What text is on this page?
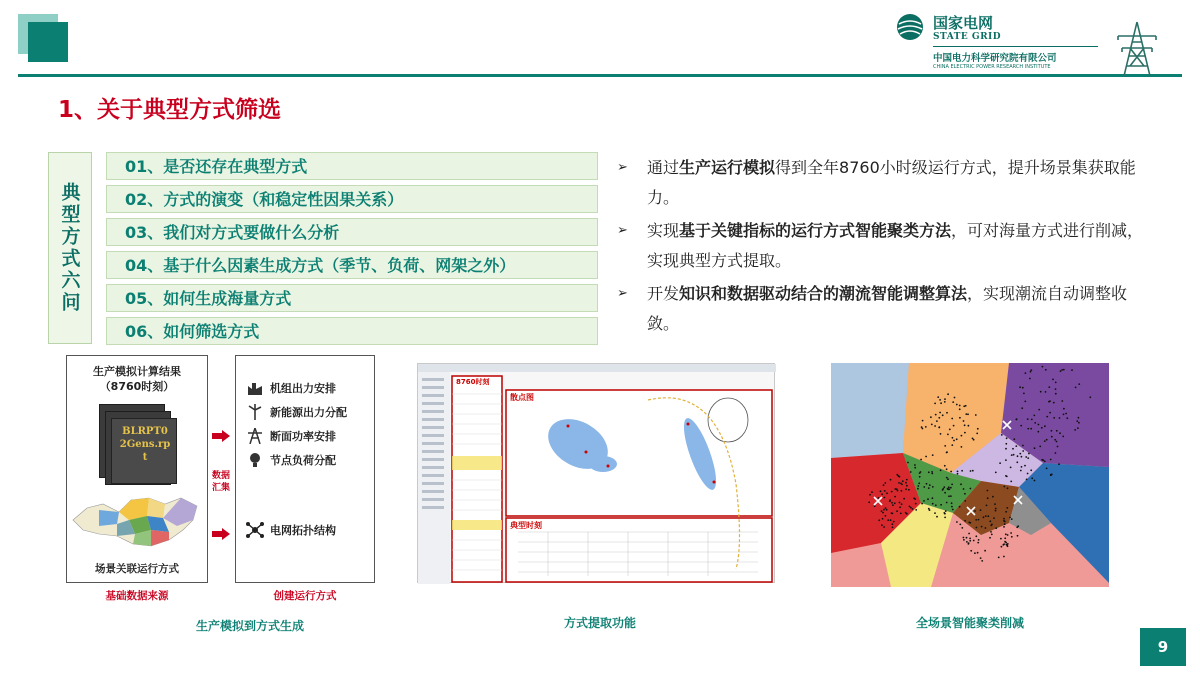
国家电网
STATE GRID
中国电力科学研究院有限公司
CHINA ELECTRIC POWER RESEARCH INSTITUTE
1、关于典型方式筛选
典型方式六问
01、是否还存在典型方式
02、方式的演变（和稳定性因果关系）
03、我们对方式要做什么分析
04、基于什么因素生成方式（季节、负荷、网架之外）
05、如何生成海量方式
06、如何筛选方式
➢ 通过生产运行模拟得到全年8760小时级运行方式，提升场景集获取能力。
➢ 实现基于关键指标的运行方式智能聚类方法，可对海量方式进行削减，实现典型方式提取。
➢ 开发知识和数据驱动结合的潮流智能调整算法，实现潮流自动调整收敛。
生产模拟计算结果
（8760时刻）
BLRPT0
2Gens.rp
t
场景关联运行方式
数据汇集
机组出力安排
新能源出力分配
断面功率安排
节点负荷分配
电网拓扑结构
基础数据来源	创建运行方式
生产模拟到方式生成
8760时刻
散点图
典型时刻
方式提取功能	全场景智能聚类削减
9
